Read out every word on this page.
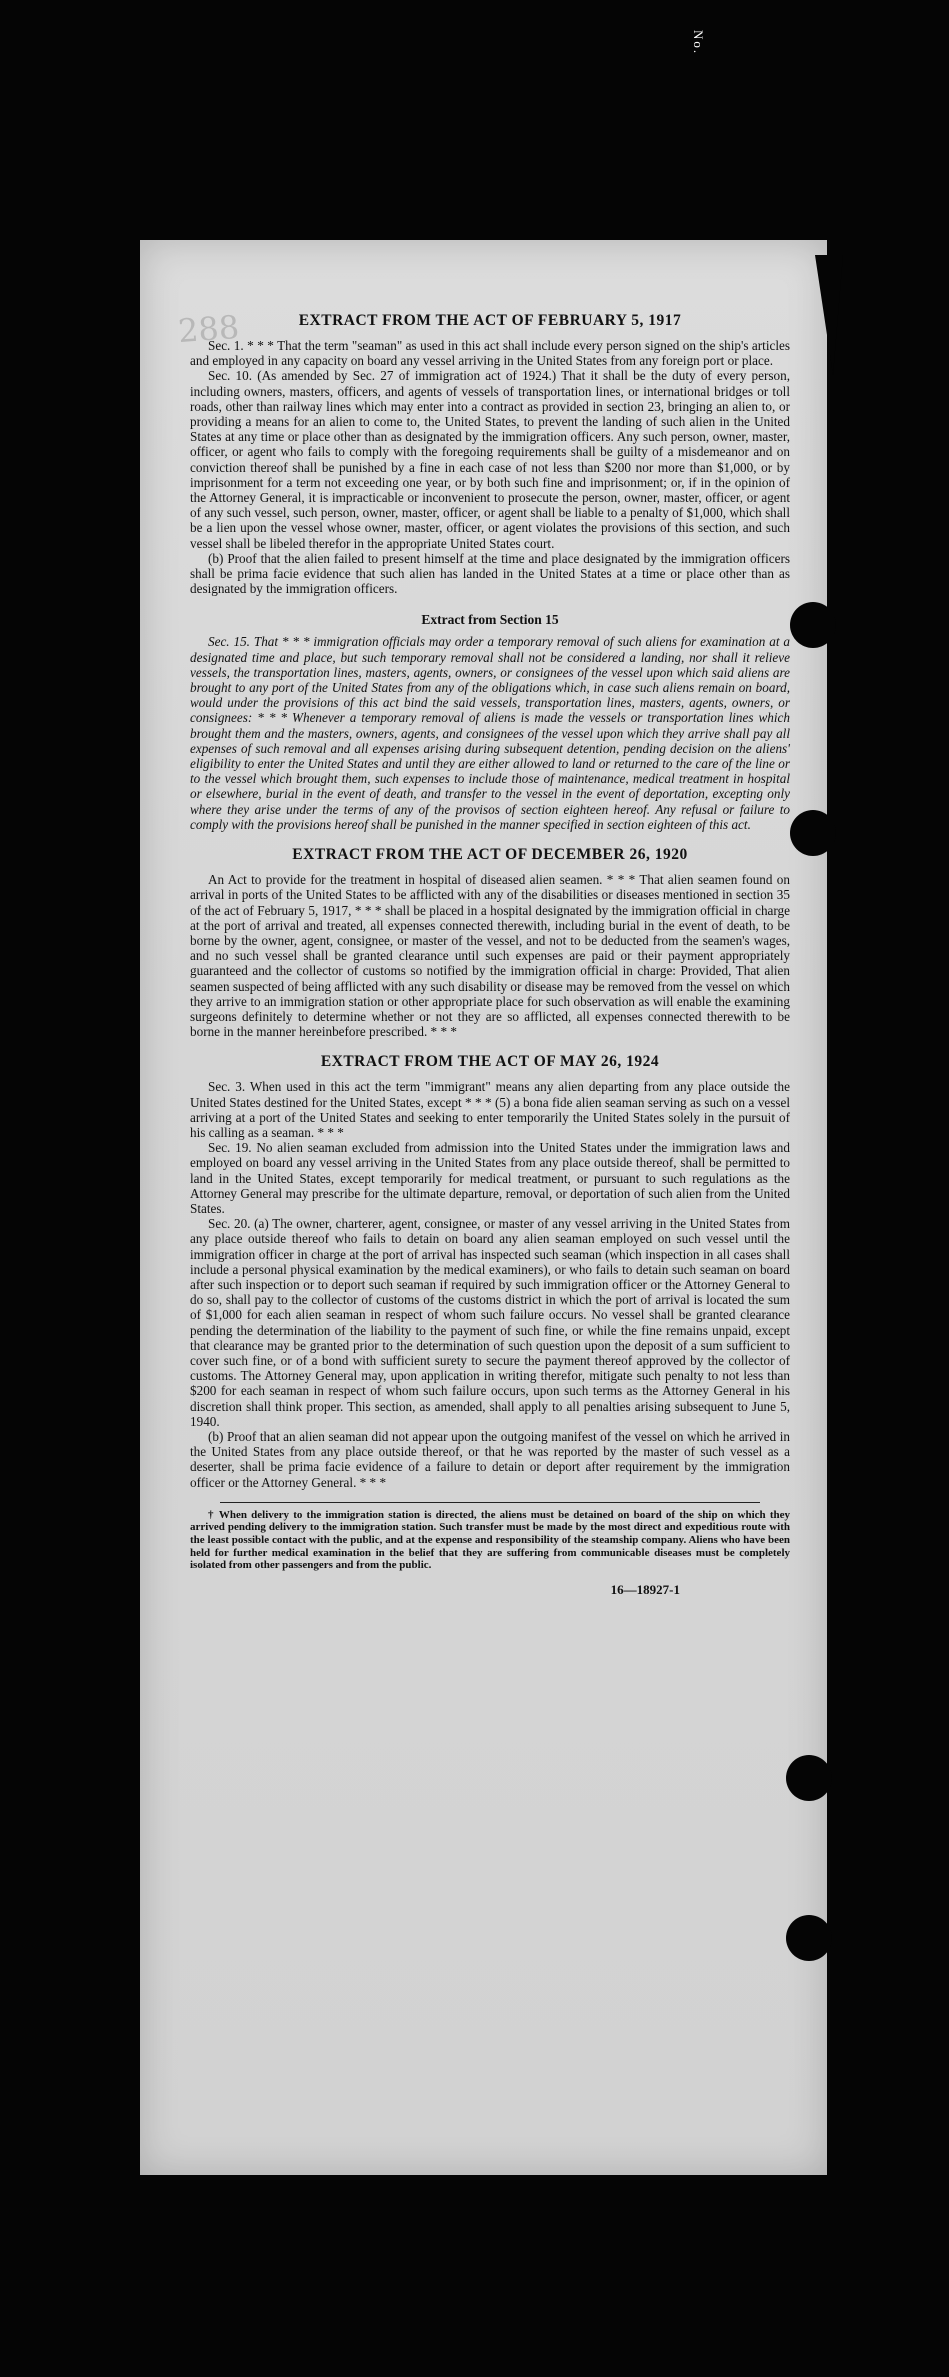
288	EXTRACT FROM THE ACT OF FEBRUARY 5, 1917

Sec. 1. * * * That the term "seaman" as used in this act shall include every person signed on the ship's articles and employed in any capacity on board any vessel arriving in the United States from any foreign port or place.

Sec. 10. (As amended by Sec. 27 of immigration act of 1924.) That it shall be the duty of every person, including owners, masters, officers, and agents of vessels of transportation lines, or international bridges or toll roads, other than railway lines which may enter into a contract as provided in section 23, bringing an alien to, or providing a means for an alien to come to, the United States, to prevent the landing of such alien in the United States at any time or place other than as designated by the immigration officers. Any such person, owner, master, officer, or agent who fails to comply with the foregoing requirements shall be guilty of a misdemeanor and on conviction thereof shall be punished by a fine in each case of not less than $200 nor more than $1,000, or by imprisonment for a term not exceeding one year, or by both such fine and imprisonment; or, if in the opinion of the Attorney General, it is impracticable or inconvenient to prosecute the person, owner, master, officer, or agent of any such vessel, such person, owner, master, officer, or agent shall be liable to a penalty of $1,000, which shall be a lien upon the vessel whose owner, master, officer, or agent violates the provisions of this section, and such vessel shall be libeled therefor in the appropriate United States court.

(b) Proof that the alien failed to present himself at the time and place designated by the immigration officers shall be prima facie evidence that such alien has landed in the United States at a time or place other than as designated by the immigration officers.

Extract from Section 15

Sec. 15. That * * * immigration officials may order a temporary removal of such aliens for examination at a designated time and place, but such temporary removal shall not be considered a landing, nor shall it relieve vessels, the transportation lines, masters, agents, owners, or consignees of the vessel upon which said aliens are brought to any port of the United States from any of the obligations which, in case such aliens remain on board, would under the provisions of this act bind the said vessels, transportation lines, masters, agents, owners, or consignees: * * * Whenever a temporary removal of aliens is made the vessels or transportation lines which brought them and the masters, owners, agents, and consignees of the vessel upon which they arrive shall pay all expenses of such removal and all expenses arising during subsequent detention, pending decision on the aliens' eligibility to enter the United States and until they are either allowed to land or returned to the care of the line or to the vessel which brought them, such expenses to include those of maintenance, medical treatment in hospital or elsewhere, burial in the event of death, and transfer to the vessel in the event of deportation, excepting only where they arise under the terms of any of the provisos of section eighteen hereof. Any refusal or failure to comply with the provisions hereof shall be punished in the manner specified in section eighteen of this act.

EXTRACT FROM THE ACT OF DECEMBER 26, 1920

An Act to provide for the treatment in hospital of diseased alien seamen. * * * That alien seamen found on arrival in ports of the United States to be afflicted with any of the disabilities or diseases mentioned in section 35 of the act of February 5, 1917, * * * shall be placed in a hospital designated by the immigration official in charge at the port of arrival and treated, all expenses connected therewith, including burial in the event of death, to be borne by the owner, agent, consignee, or master of the vessel, and not to be deducted from the seamen's wages, and no such vessel shall be granted clearance until such expenses are paid or their payment appropriately guaranteed and the collector of customs so notified by the immigration official in charge: Provided, That alien seamen suspected of being afflicted with any such disability or disease may be removed from the vessel on which they arrive to an immigration station or other appropriate place for such observation as will enable the examining surgeons definitely to determine whether or not they are so afflicted, all expenses connected therewith to be borne in the manner hereinbefore prescribed. * * *

EXTRACT FROM THE ACT OF MAY 26, 1924

Sec. 3. When used in this act the term "immigrant" means any alien departing from any place outside the United States destined for the United States, except * * * (5) a bona fide alien seaman serving as such on a vessel arriving at a port of the United States and seeking to enter temporarily the United States solely in the pursuit of his calling as a seaman. * * *

Sec. 19. No alien seaman excluded from admission into the United States under the immigration laws and employed on board any vessel arriving in the United States from any place outside thereof, shall be permitted to land in the United States, except temporarily for medical treatment, or pursuant to such regulations as the Attorney General may prescribe for the ultimate departure, removal, or deportation of such alien from the United States.

Sec. 20. (a) The owner, charterer, agent, consignee, or master of any vessel arriving in the United States from any place outside thereof who fails to detain on board any alien seaman employed on such vessel until the immigration officer in charge at the port of arrival has inspected such seaman (which inspection in all cases shall include a personal physical examination by the medical examiners), or who fails to detain such seaman on board after such inspection or to deport such seaman if required by such immigration officer or the Attorney General to do so, shall pay to the collector of customs of the customs district in which the port of arrival is located the sum of $1,000 for each alien seaman in respect of whom such failure occurs. No vessel shall be granted clearance pending the determination of the liability to the payment of such fine, or while the fine remains unpaid, except that clearance may be granted prior to the determination of such question upon the deposit of a sum sufficient to cover such fine, or of a bond with sufficient surety to secure the payment thereof approved by the collector of customs. The Attorney General may, upon application in writing therefor, mitigate such penalty to not less than $200 for each seaman in respect of whom such failure occurs, upon such terms as the Attorney General in his discretion shall think proper. This section, as amended, shall apply to all penalties arising subsequent to June 5, 1940.

(b) Proof that an alien seaman did not appear upon the outgoing manifest of the vessel on which he arrived in the United States from any place outside thereof, or that he was reported by the master of such vessel as a deserter, shall be prima facie evidence of a failure to detain or deport after requirement by the immigration officer or the Attorney General. * * *

† When delivery to the immigration station is directed, the aliens must be detained on board of the ship on which they arrived pending delivery to the immigration station. Such transfer must be made by the most direct and expeditious route with the least possible contact with the public, and at the expense and responsibility of the steamship company. Aliens who have been held for further medical examination in the belief that they are suffering from communicable diseases must be completely isolated from other passengers and from the public.

16—18927-1
No.
